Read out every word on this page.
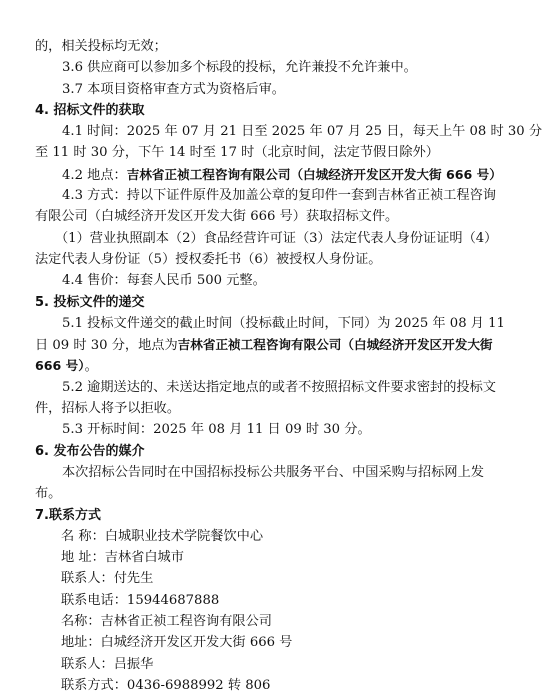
的，相关投标均无效；
3.6 供应商可以参加多个标段的投标，允许兼投不允许兼中。
3.7 本项目资格审查方式为资格后审。
4. 招标文件的获取
4.1 时间：2025 年 07 月 21 日至 2025 年 07 月 25 日，每天上午 08 时 30 分
至 11 时 30 分，下午 14 时至 17 时（北京时间，法定节假日除外）
4.2 地点：吉林省正祯工程咨询有限公司（白城经济开发区开发大街 666 号）
4.3 方式：持以下证件原件及加盖公章的复印件一套到吉林省正祯工程咨询
有限公司（白城经济开发区开发大街 666 号）获取招标文件。
（1）营业执照副本（2）食品经营许可证（3）法定代表人身份证证明（4）
法定代表人身份证（5）授权委托书（6）被授权人身份证。
4.4 售价：每套人民币 500 元整。
5. 投标文件的递交
5.1 投标文件递交的截止时间（投标截止时间，下同）为 2025 年 08 月 11
日 09 时 30 分，地点为吉林省正祯工程咨询有限公司（白城经济开发区开发大街
666 号）。
5.2 逾期送达的、未送达指定地点的或者不按照招标文件要求密封的投标文
件，招标人将予以拒收。
5.3 开标时间：2025 年 08 月 11 日 09 时 30 分。
6. 发布公告的媒介
本次招标公告同时在中国招标投标公共服务平台、中国采购与招标网上发
布。
7.联系方式
名 称：白城职业技术学院餐饮中心
地 址：吉林省白城市
联系人：付先生
联系电话：15944687888
名称：吉林省正祯工程咨询有限公司
地址：白城经济开发区开发大街 666 号
联系人：吕振华
联系方式：0436-6988992 转 806
